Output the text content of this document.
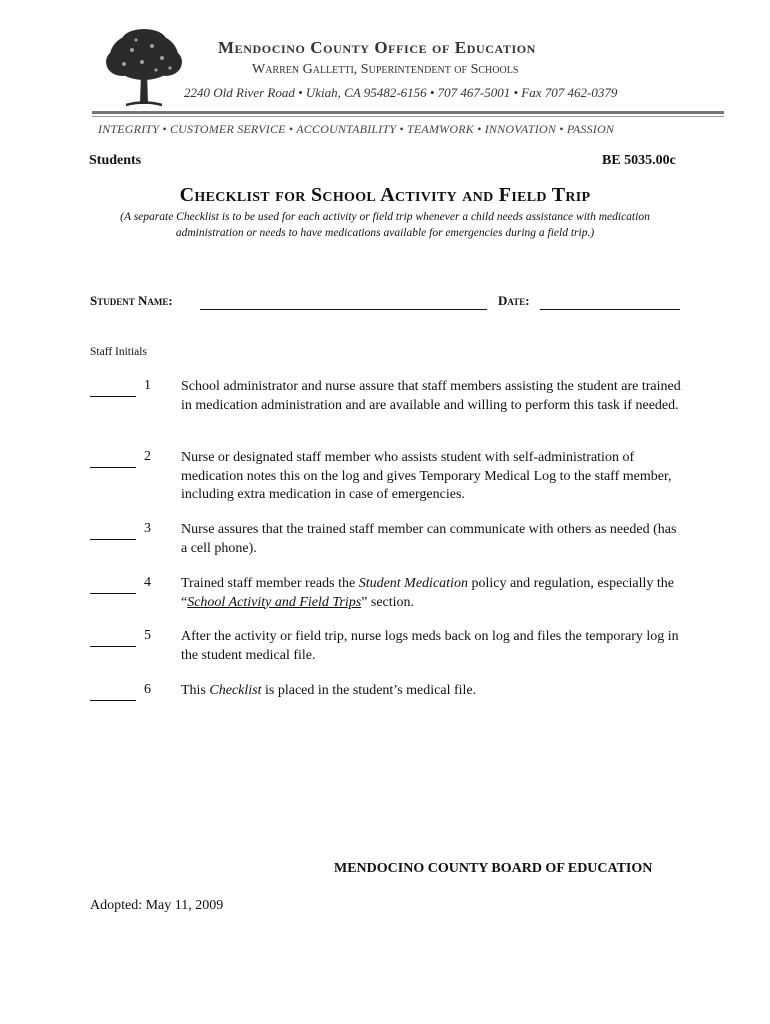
Mendocino County Office of Education
Warren Galletti, Superintendent of Schools
2240 Old River Road • Ukiah, CA 95482-6156 • 707 467-5001 • Fax 707 462-0379
INTEGRITY • CUSTOMER SERVICE • ACCOUNTABILITY • TEAMWORK • INNOVATION • PASSION
Students	BE 5035.00c
Checklist for School Activity and Field Trip
(A separate Checklist is to be used for each activity or field trip whenever a child needs assistance with medication administration or needs to have medications available for emergencies during a field trip.)
Student Name:	Date:
Staff Initials
1 School administrator and nurse assure that staff members assisting the student are trained in medication administration and are available and willing to perform this task if needed.
2 Nurse or designated staff member who assists student with self-administration of medication notes this on the log and gives Temporary Medical Log to the staff member, including extra medication in case of emergencies.
3 Nurse assures that the trained staff member can communicate with others as needed (has a cell phone).
4 Trained staff member reads the Student Medication policy and regulation, especially the “School Activity and Field Trips” section.
5 After the activity or field trip, nurse logs meds back on log and files the temporary log in the student medical file.
6 This Checklist is placed in the student’s medical file.
MENDOCINO COUNTY BOARD OF EDUCATION
Adopted: May 11, 2009
